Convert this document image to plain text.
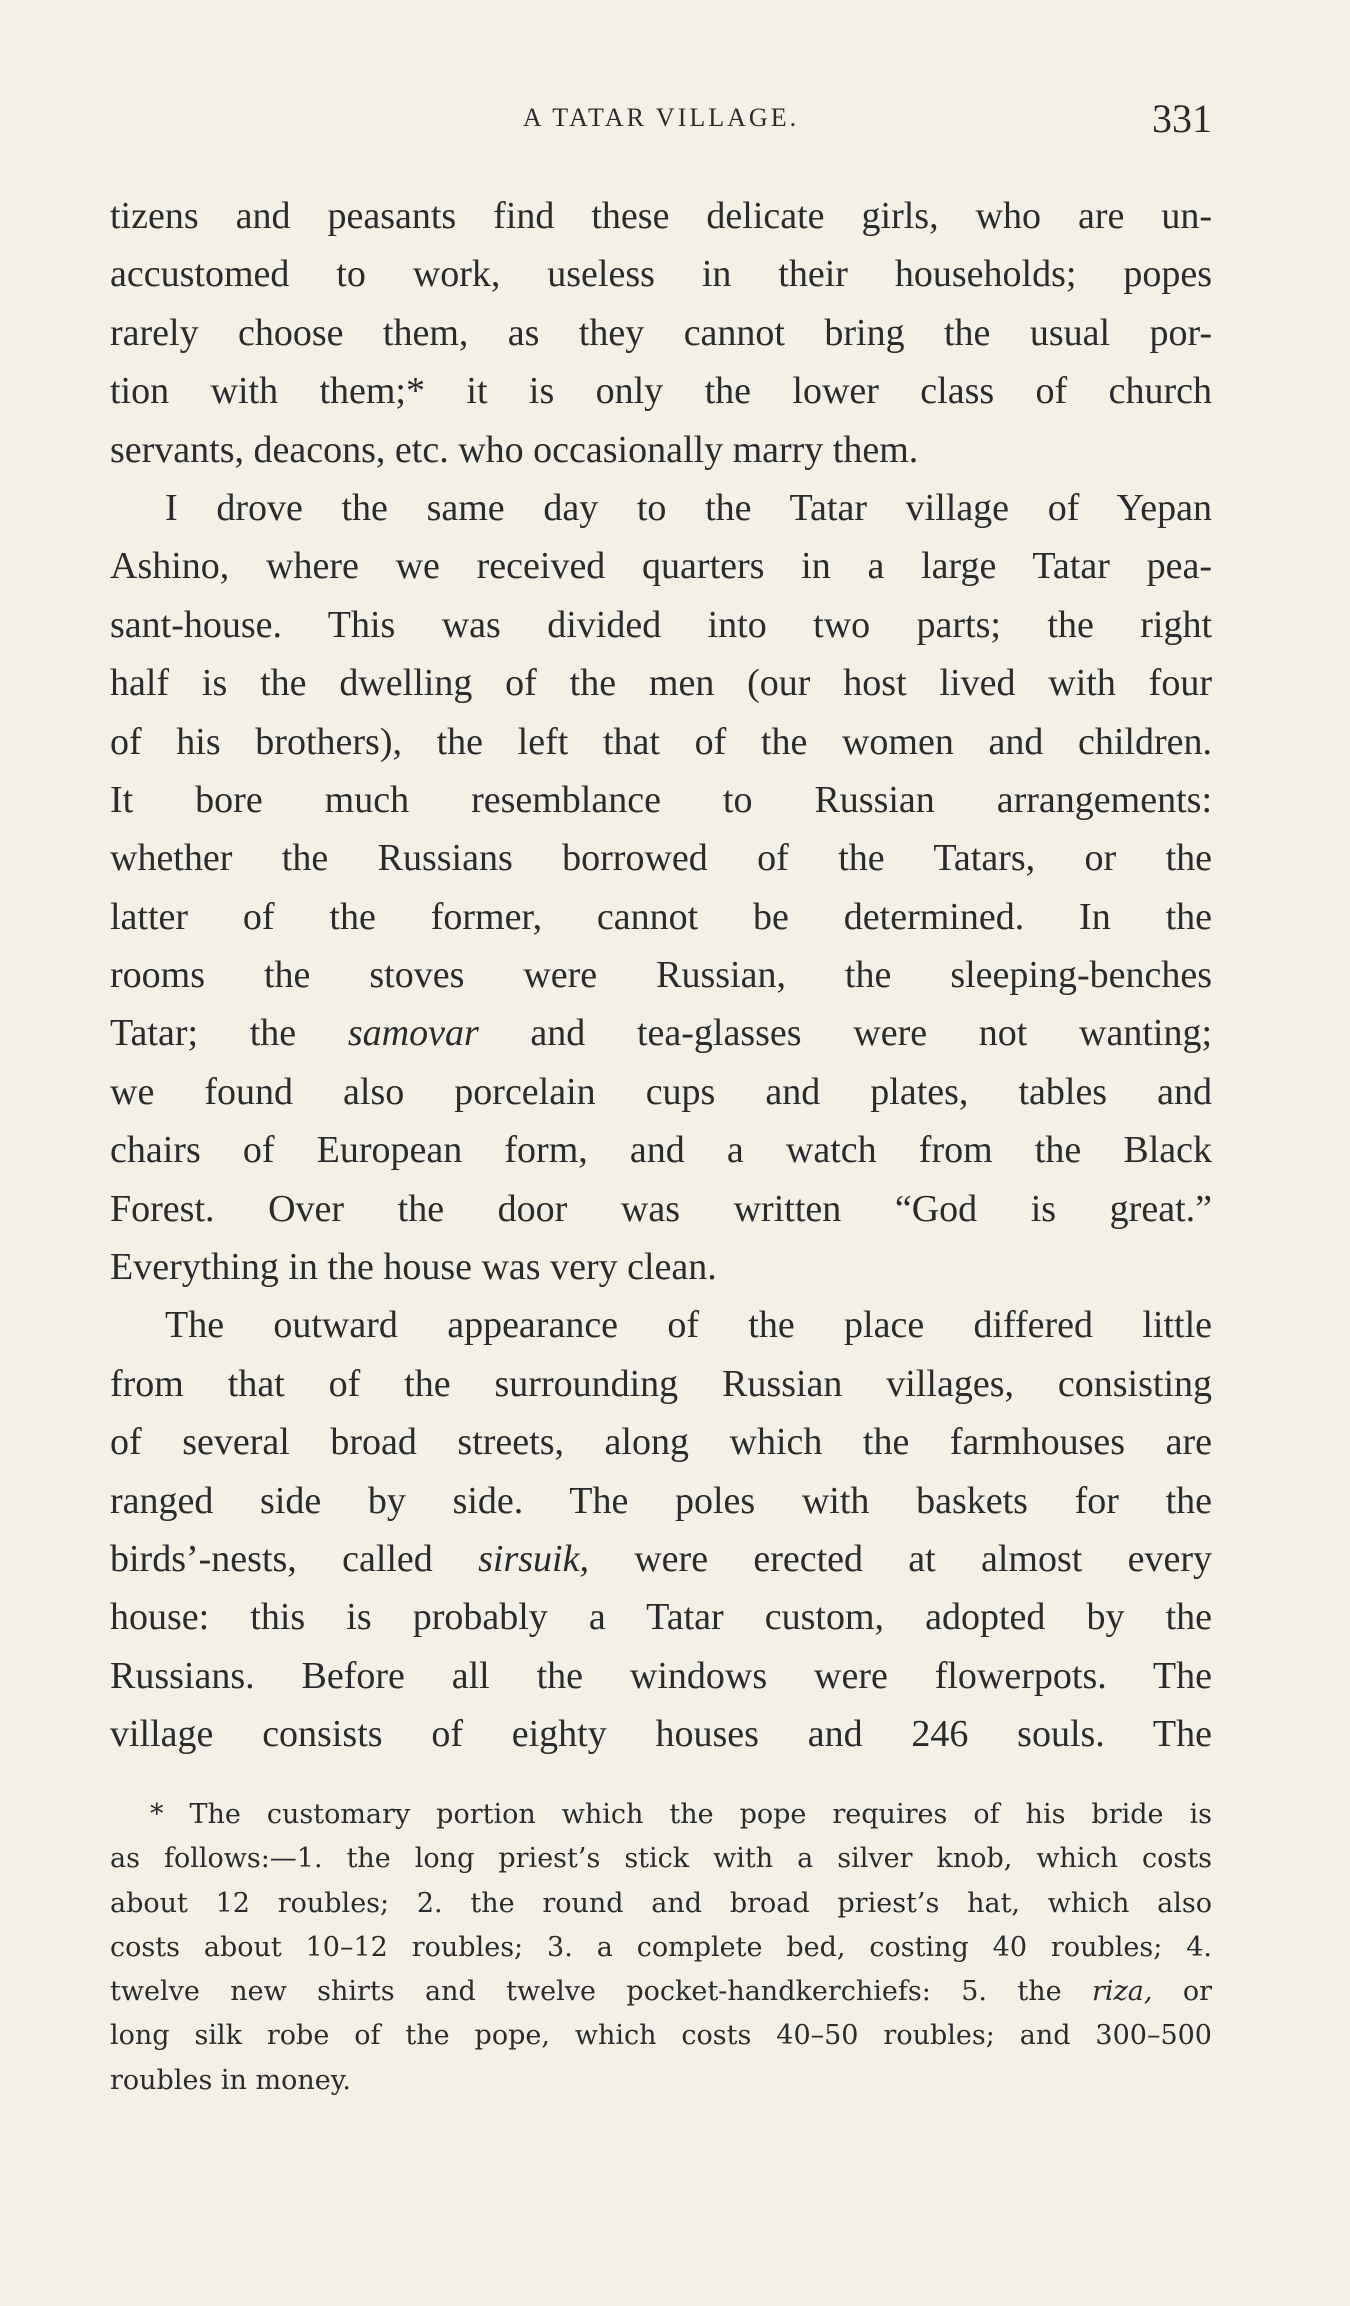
A TATAR VILLAGE.	331
tizens and peasants find these delicate girls, who are un-
accustomed to work, useless in their households; popes
rarely choose them, as they cannot bring the usual por-
tion with them;* it is only the lower class of church
servants, deacons, etc. who occasionally marry them.
I drove the same day to the Tatar village of Yepan
Ashino, where we received quarters in a large Tatar pea-
sant-house. This was divided into two parts; the right
half is the dwelling of the men (our host lived with four
of his brothers), the left that of the women and children.
It bore much resemblance to Russian arrangements:
whether the Russians borrowed of the Tatars, or the
latter of the former, cannot be determined. In the
rooms the stoves were Russian, the sleeping-benches
Tatar; the samovar and tea-glasses were not wanting;
we found also porcelain cups and plates, tables and
chairs of European form, and a watch from the Black
Forest. Over the door was written “God is great.”
Everything in the house was very clean.
The outward appearance of the place differed little
from that of the surrounding Russian villages, consisting
of several broad streets, along which the farmhouses are
ranged side by side. The poles with baskets for the
birds’-nests, called sirsuik, were erected at almost every
house: this is probably a Tatar custom, adopted by the
Russians. Before all the windows were flowerpots. The
village consists of eighty houses and 246 souls. The
* The customary portion which the pope requires of his bride is
as follows:—1. the long priest’s stick with a silver knob, which costs
about 12 roubles; 2. the round and broad priest’s hat, which also
costs about 10–12 roubles; 3. a complete bed, costing 40 roubles; 4.
twelve new shirts and twelve pocket-handkerchiefs: 5. the riza, or
long silk robe of the pope, which costs 40–50 roubles; and 300–500
roubles in money.
